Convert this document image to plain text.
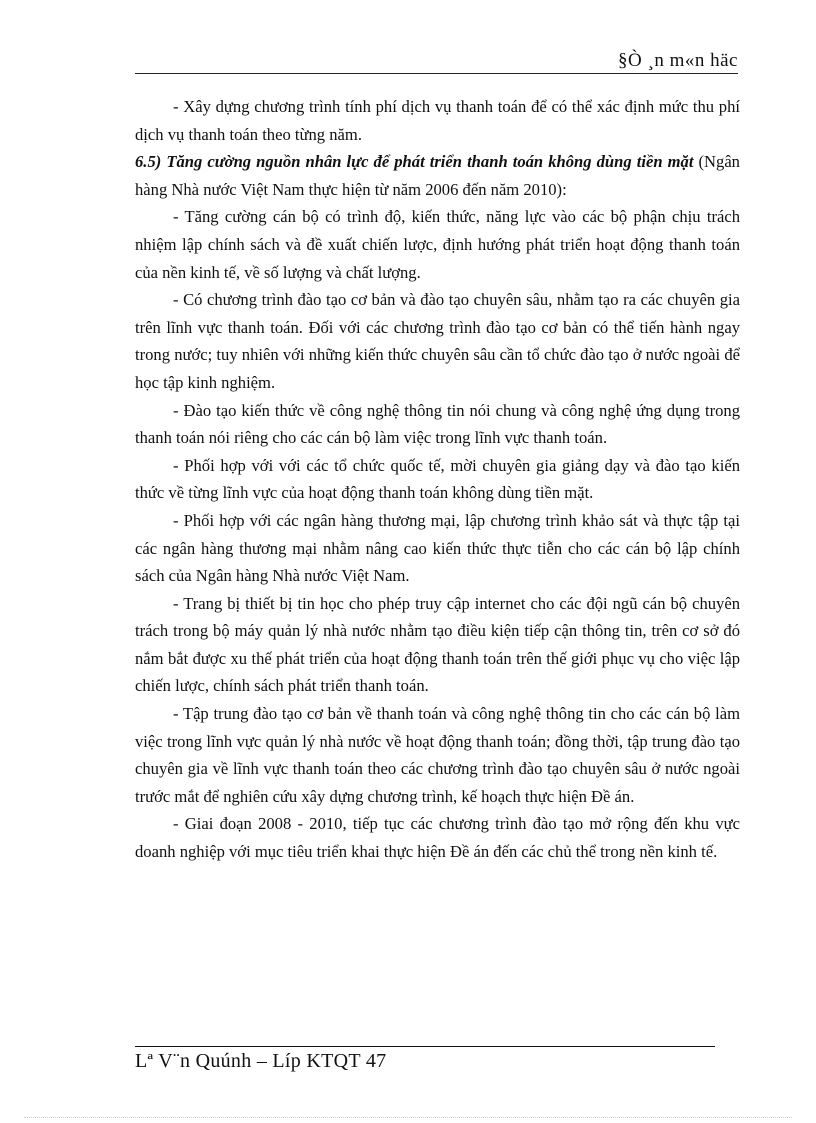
§Ò ¸n m«n häc

- Xây dựng chương trình tính phí dịch vụ thanh toán để có thể xác định mức thu phí dịch vụ thanh toán theo từng năm.

6.5) Tăng cường nguồn nhân lực để phát triển thanh toán không dùng tiền mặt (Ngân hàng Nhà nước Việt Nam thực hiện từ năm 2006 đến năm 2010):

- Tăng cường cán bộ có trình độ, kiến thức, năng lực vào các bộ phận chịu trách nhiệm lập chính sách và đề xuất chiến lược, định hướng phát triển hoạt động thanh toán của nền kinh tế, về số lượng và chất lượng.

- Có chương trình đào tạo cơ bản và đào tạo chuyên sâu, nhằm tạo ra các chuyên gia trên lĩnh vực thanh toán. Đối với các chương trình đào tạo cơ bản có thể tiến hành ngay trong nước; tuy nhiên với những kiến thức chuyên sâu cần tổ chức đào tạo ở nước ngoài để học tập kinh nghiệm.

- Đào tạo kiến thức về công nghệ thông tin nói chung và công nghệ ứng dụng trong thanh toán nói riêng cho các cán bộ làm việc trong lĩnh vực thanh toán.

- Phối hợp với với các tổ chức quốc tế, mời chuyên gia giảng dạy và đào tạo kiến thức về từng lĩnh vực của hoạt động thanh toán không dùng tiền mặt.

- Phối hợp với các ngân hàng thương mại, lập chương trình khảo sát và thực tập tại các ngân hàng thương mại nhằm nâng cao kiến thức thực tiễn cho các cán bộ lập chính sách của Ngân hàng Nhà nước Việt Nam.

- Trang bị thiết bị tin học cho phép truy cập internet cho các đội ngũ cán bộ chuyên trách trong bộ máy quản lý nhà nước nhằm tạo điều kiện tiếp cận thông tin, trên cơ sở đó nắm bắt được xu thế phát triển của hoạt động thanh toán trên thế giới phục vụ cho việc lập chiến lược, chính sách phát triển thanh toán.

- Tập trung đào tạo cơ bản về thanh toán và công nghệ thông tin cho các cán bộ làm việc trong lĩnh vực quản lý nhà nước về hoạt động thanh toán; đồng thời, tập trung đào tạo chuyên gia về lĩnh vực thanh toán theo các chương trình đào tạo chuyên sâu ở nước ngoài trước mắt để nghiên cứu xây dựng chương trình, kế hoạch thực hiện Đề án.

- Giai đoạn 2008 - 2010, tiếp tục các chương trình đào tạo mở rộng đến khu vực doanh nghiệp với mục tiêu triển khai thực hiện Đề án đến các chủ thể trong nền kinh tế.

Lª V¨n Quúnh – Líp KTQT 47
